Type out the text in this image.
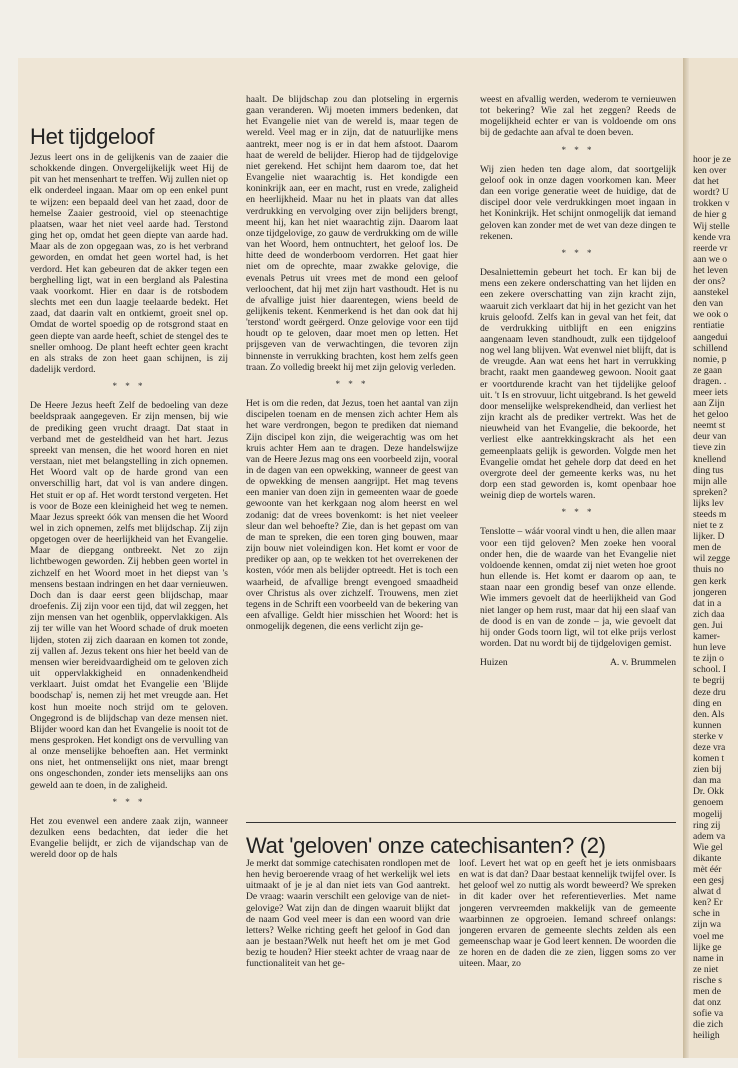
Het tijdgeloof

Jezus leert ons in de gelijkenis van de zaaier die schokkende dingen. Onvergelijkelijk weet Hij de pit van het mensenhart te treffen. Wij zullen niet op elk onderdeel ingaan. Maar om op een enkel punt te wijzen: een bepaald deel van het zaad, door de hemelse Zaaier gestrooid, viel op steenachtige plaatsen, waar het niet veel aarde had. Terstond ging het op, omdat het geen diepte van aarde had. Maar als de zon opgegaan was, zo is het verbrand geworden, en omdat het geen wortel had, is het verdord. Het kan gebeuren dat de akker tegen een berghelling ligt, wat in een bergland als Palestina vaak voorkomt. Hier en daar is de rotsbodem slechts met een dun laagje teelaarde bedekt. Het zaad, dat daarin valt en ontkiemt, groeit snel op. Omdat de wortel spoedig op de rotsgrond staat en geen diepte van aarde heeft, schiet de stengel des te sneller omhoog. De plant heeft echter geen kracht en als straks de zon heet gaan schijnen, is zij dadelijk verdord.

* * *

De Heere Jezus heeft Zelf de bedoeling van deze beeldspraak aangegeven. Er zijn mensen, bij wie de prediking geen vrucht draagt. Dat staat in verband met de gesteldheid van het hart. Jezus spreekt van mensen, die het woord horen en niet verstaan, niet met belangstelling in zich opnemen. Het Woord valt op de harde grond van een onverschillig hart, dat vol is van andere dingen. Het stuit er op af. Het wordt terstond vergeten. Het is voor de Boze een kleinigheid het weg te nemen. Maar Jezus spreekt óók van mensen die het Woord wel in zich opnemen, zelfs met blijdschap. Zij zijn opgetogen over de heerlijkheid van het Evangelie. Maar de diepgang ontbreekt. Net zo zijn lichtbewogen geworden. Zij hebben geen wortel in zichzelf en het Woord moet in het diepst van 's mensens bestaan indringen en het daar vernieuwen. Doch dan is daar eerst geen blijdschap, maar droefenis. Zij zijn voor een tijd, dat wil zeggen, het zijn mensen van het ogenblik, oppervlakkigen. Als zij ter wille van het Woord schade of druk moeten lijden, stoten zij zich daaraan en komen tot zonde, zij vallen af. Jezus tekent ons hier het beeld van de mensen wier bereidvaardigheid om te geloven zich uit oppervlakkigheid en onnadenkendheid verklaart. Juist omdat het Evangelie een 'Blijde boodschap' is, nemen zij het met vreugde aan. Het kost hun moeite noch strijd om te geloven. Ongegrond is de blijdschap van deze mensen niet. Blijder woord kan dan het Evangelie is nooit tot de mens gesproken. Het kondigt ons de vervulling van al onze menselijke behoeften aan. Het verminkt ons niet, het ontmenselijkt ons niet, maar brengt ons ongeschonden, zonder iets menselijks aan ons geweld aan te doen, in de zaligheid.

* * *

Het zou evenwel een andere zaak zijn, wanneer dezulken eens bedachten, dat ieder die het Evangelie belijdt, er zich de vijandschap van de wereld door op de hals

haalt. De blijdschap zou dan plotseling in ergernis gaan veranderen. Wij moeten immers bedenken, dat het Evangelie niet van de wereld is, maar tegen de wereld. Veel mag er in zijn, dat de natuurlijke mens aantrekt, meer nog is er in dat hem afstoot. Daarom haat de wereld de belijder. Hierop had de tijdgelovige niet gerekend. Het schijnt hem daarom toe, dat het Evangelie niet waarachtig is. Het kondigde een koninkrijk aan, eer en macht, rust en vrede, zaligheid en heerlijkheid. Maar nu het in plaats van dat alles verdrukking en vervolging over zijn belijders brengt, meent hij, kan het niet waarachtig zijn. Daarom laat onze tijdgelovige, zo gauw de verdrukking om de wille van het Woord, hem ontnuchtert, het geloof los. De hitte deed de wonderboom verdorren. Het gaat hier niet om de oprechte, maar zwakke gelovige, die evenals Petrus uit vrees met de mond een geloof verloochent, dat hij met zijn hart vasthoudt. Het is nu de afvallige juist hier daarentegen, wiens beeld de gelijkenis tekent. Kenmerkend is het dan ook dat hij 'terstond' wordt geërgerd. Onze gelovige voor een tijd houdt op te geloven, daar moet men op letten. Het prijsgeven van de verwachtingen, die tevoren zijn binnenste in verrukking brachten, kost hem zelfs geen traan. Zo volledig breekt hij met zijn gelovig verleden.

* * *

Het is om die reden, dat Jezus, toen het aantal van zijn discipelen toenam en de mensen zich achter Hem als het ware verdrongen, begon te prediken dat niemand Zijn discipel kon zijn, die weigerachtig was om het kruis achter Hem aan te dragen. Deze handelswijze van de Heere Jezus mag ons een voorbeeld zijn, vooral in de dagen van een opwekking, wanneer de geest van de opwekking de mensen aangrijpt. Het mag tevens een manier van doen zijn in gemeenten waar de goede gewoonte van het kerkgaan nog alom heerst en wel zodanig: dat de vrees bovenkomt: is het niet veeleer sleur dan wel behoefte? Zie, dan is het gepast om van de man te spreken, die een toren ging bouwen, maar zijn bouw niet voleindigen kon. Het komt er voor de prediker op aan, op te wekken tot het overrekenen der kosten, vóór men als belijder optreedt. Het is toch een waarheid, de afvallige brengt evengoed smaadheid over Christus als over zichzelf. Trouwens, men ziet tegens in de Schrift een voorbeeld van de bekering van een afvallige. Geldt hier misschien het Woord: het is onmogelijk degenen, die eens verlicht zijn ge-

weest en afvallig werden, wederom te vernieuwen tot bekering? Wie zal het zeggen? Reeds de mogelijkheid echter er van is voldoende om ons bij de gedachte aan afval te doen beven.

* * *

Wij zien heden ten dage alom, dat soortgelijk geloof ook in onze dagen voorkomen kan. Meer dan een vorige generatie weet de huidige, dat de discipel door vele verdrukkingen moet ingaan in het Koninkrijk. Het schijnt onmogelijk dat iemand geloven kan zonder met de wet van deze dingen te rekenen.

* * *

Desalniettemin gebeurt het toch. Er kan bij de mens een zekere onderschatting van het lijden en een zekere overschatting van zijn kracht zijn, waaruit zich verklaart dat hij in het gezicht van het kruis geloofd. Zelfs kan in geval van het feit, dat de verdrukking uitblijft en een enigzins aangenaam leven standhoudt, zulk een tijdgeloof nog wel lang blijven. Wat evenwel niet blijft, dat is de vreugde. Aan wat eens het hart in verrukking bracht, raakt men gaandeweg gewoon. Nooit gaat er voortdurende kracht van het tijdelijke geloof uit. 't Is en strovuur, licht uitgebrand. Is het geweld door menselijke welsprekendheid, dan verliest het zijn kracht als de prediker vertrekt. Was het de nieuwheid van het Evangelie, die bekoorde, het verliest elke aantrekkingskracht als het een gemeenplaats gelijk is geworden. Volgde men het Evangelie omdat het gehele dorp dat deed en het overgrote deel der gemeente kerks was, nu het dorp een stad geworden is, komt openbaar hoe weinig diep de wortels waren.

* * *

Tenslotte – wáár vooral vindt u hen, die allen maar voor een tijd geloven? Men zoeke hen vooral onder hen, die de waarde van het Evangelie niet voldoende kennen, omdat zij niet weten hoe groot hun ellende is. Het komt er daarom op aan, te staan naar een grondig besef van onze ellende. Wie immers gevoelt dat de heerlijkheid van God niet langer op hem rust, maar dat hij een slaaf van de dood is en van de zonde – ja, wie gevoelt dat hij onder Gods toorn ligt, wil tot elke prijs verlost worden. Dat nu wordt bij de tijdgelovigen gemist.

Huizen	A. v. Brummelen
Wat 'geloven' onze catechisanten? (2)

Je merkt dat sommige catechisaten rondlopen met de hen hevig beroerende vraag of het werkelijk wel iets uitmaakt of je je al dan niet iets van God aantrekt. De vraag: waarin verschilt een gelovige van de niet-gelovige? Wat zijn dan de dingen waaruit blijkt dat de naam God veel meer is dan een woord van drie letters? Welke richting geeft het geloof in God dan aan je bestaan?Welk nut heeft het om je met God bezig te houden? Hier steekt achter de vraag naar de functionaliteit van het ge-

loof. Levert het wat op en geeft het je iets onmisbaars en wat is dat dan? Daar bestaat kennelijk twijfel over. Is het geloof wel zo nuttig als wordt beweerd? We spreken in dit kader over het referentieverlies. Met name jongeren vervreemden makkelijk van de gemeente waarbinnen ze opgroeien. Iemand schreef onlangs: jongeren ervaren de gemeente slechts zelden als een gemeenschap waar je God leert kennen. De woorden die ze horen en de daden die ze zien, liggen soms zo ver uiteen. Maar, zo

hoor je ze
ken over
dat het
wordt? U
trokken v
de hier g
Wij stelle
kende vra
reerde vr
aan we o
het leven
der ons?
aanstekel
den van
we ook o
rentiatie
aangedui
schillend
nomie, p
ze gaan
dragen. .
meer iets
aan Zijn
het geloo
neemt st
deur van
tieve zin
knellend
ding tus
mijn alle
spreken?
lijks lev
steeds m
niet te z
lijker. D
men de
wil zegge
thuis no
gen kerk
jongeren
dat in a
zich daa
gen. Jui
kamer-
hun leve
te zijn o
school. I
te begrij
deze dru
ding en
den. Als
kunnen
sterke v
deze vra
komen t
zien bij
dan ma
Dr. Okk
genoem
mogelij
ring zij
adem va
Wie gel
dikante
mèt éér
een gesj
alwat d
ken? Er
sche in
zijn wa
voel me
lijke ge
name in
ze niet
rische s
men de
dat onz
sofie va
die zich
heiligh
